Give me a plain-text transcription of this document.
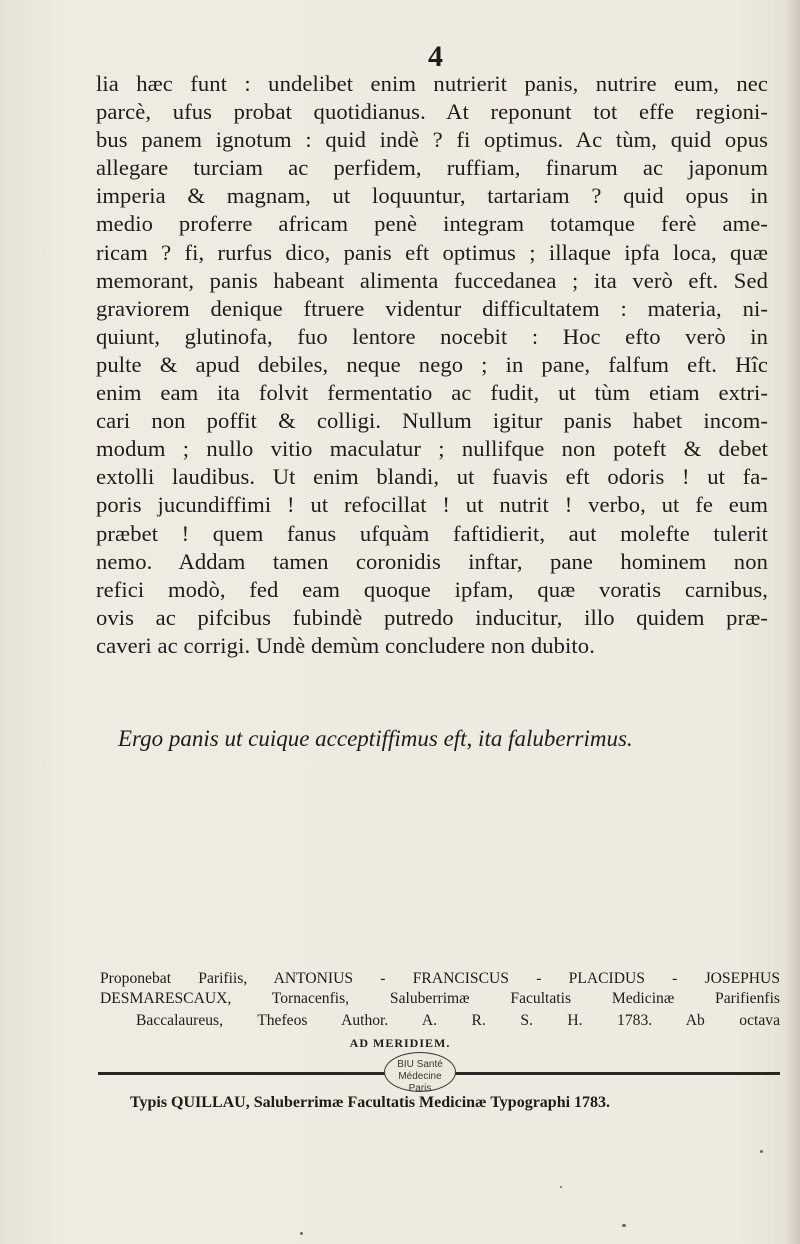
4
lia hæc funt : undelibet enim nutrierit panis, nutrire eum, nec
parcè, ufus probat quotidianus. At reponunt tot effe regioni-
bus panem ignotum : quid indè ? fi optimus. Ac tùm, quid opus
allegare turciam ac perfidem, ruffiam, finarum ac japonum
imperia & magnam, ut loquuntur, tartariam ? quid opus in
medio proferre africam penè integram totamque ferè ame-
ricam ? fi, rurfus dico, panis eft optimus ; illaque ipfa loca, quæ
memorant, panis habeant alimenta fuccedanea ; ita verò eft. Sed
graviorem denique ftruere videntur difficultatem : materia, ni-
quiunt, glutinofa, fuo lentore nocebit : Hoc efto verò in
pulte & apud debiles, neque nego ; in pane, falfum eft. Hîc
enim eam ita folvit fermentatio ac fudit, ut tùm etiam extri-
cari non poffit & colligi. Nullum igitur panis habet incom-
modum ; nullo vitio maculatur ; nullifque non poteft & debet
extolli laudibus. Ut enim blandi, ut fuavis eft odoris ! ut fa-
poris jucundiffimi ! ut refocillat ! ut nutrit ! verbo, ut fe eum
præbet ! quem fanus ufquàm faftidierit, aut molefte tulerit
nemo. Addam tamen coronidis inftar, pane hominem non
refici modò, fed eam quoque ipfam, quæ voratis carnibus,
ovis ac pifcibus fubindè putredo inducitur, illo quidem præ-
caveri ac corrigi. Undè demùm concludere non dubito.
Ergo panis ut cuique acceptiffimus eft, ita faluberrimus.
Proponebat Parifiis, ANTONIUS - FRANCISCUS - PLACIDUS - JOSEPHUS
DESMARESCAUX, Tornacenfis, Saluberrimæ Facultatis Medicinæ Parifienfis
Baccalaureus, Thefeos Author. A. R. S. H. 1783. Ab octava
AD MERIDIEM.
BIU Santé
Médecine
Paris
Typis QUILLAU, Saluberrimæ Facultatis Medicinæ Typographi 1783.
